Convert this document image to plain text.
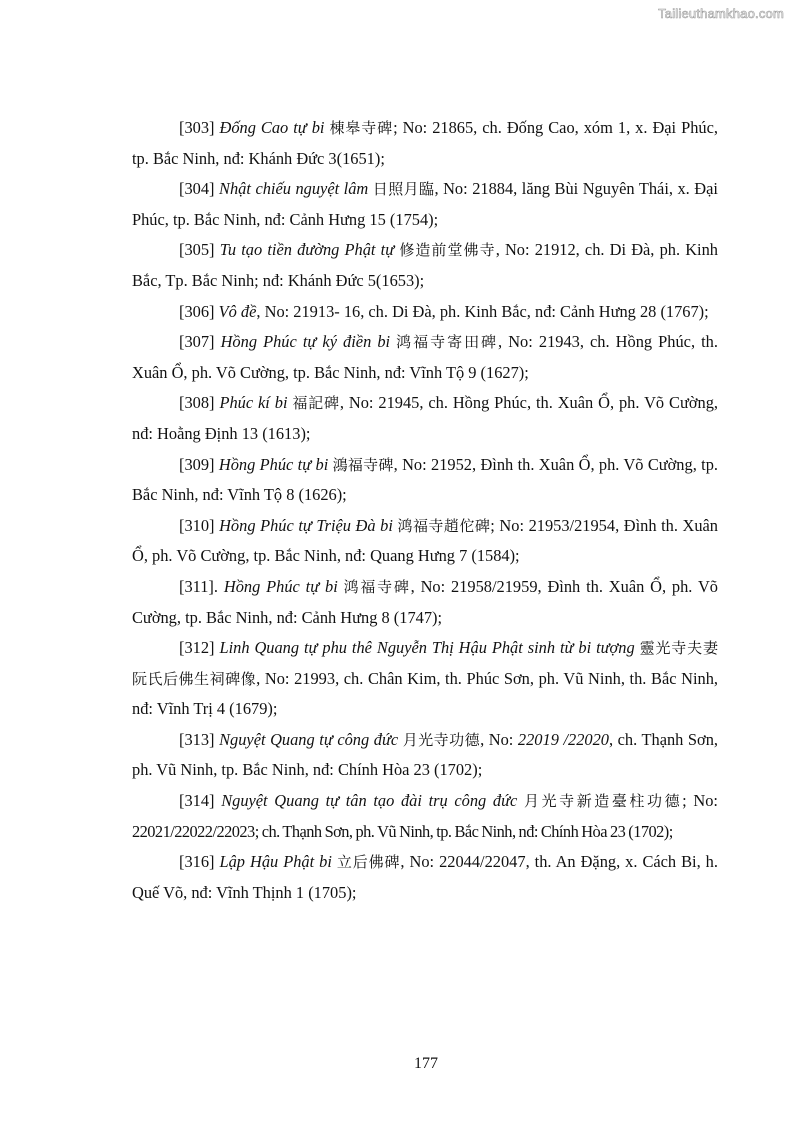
Tailieuthamkhao.com

[303] Đống Cao tự bi 棟皋寺碑; No: 21865, ch. Đống Cao, xóm 1, x. Đại Phúc, tp. Bắc Ninh, nđ: Khánh Đức 3(1651);

[304] Nhật chiếu nguyệt lâm 日照月臨, No: 21884, lăng Bùi Nguyên Thái, x. Đại Phúc, tp. Bắc Ninh, nđ: Cảnh Hưng 15 (1754);

[305] Tu tạo tiền đường Phật tự 修造前堂佛寺, No: 21912, ch. Di Đà, ph. Kinh Bắc, Tp. Bắc Ninh; nđ: Khánh Đức 5(1653);

[306] Vô đề, No: 21913- 16, ch. Di Đà, ph. Kinh Bắc, nđ: Cảnh Hưng 28 (1767);

[307] Hồng Phúc tự ký điền bi 鸿福寺寄田碑, No: 21943, ch. Hồng Phúc, th. Xuân Ổ, ph. Võ Cường, tp. Bắc Ninh, nđ: Vĩnh Tộ 9 (1627);

[308] Phúc kí bi 福記碑, No: 21945, ch. Hồng Phúc, th. Xuân Ổ, ph. Võ Cường, nđ: Hoằng Định 13 (1613);

[309] Hồng Phúc tự bi 鴻福寺碑, No: 21952, Đình th. Xuân Ổ, ph. Võ Cường, tp. Bắc Ninh, nđ: Vĩnh Tộ 8 (1626);

[310] Hồng Phúc tự Triệu Đà bi 鸿福寺趙佗碑; No: 21953/21954, Đình th. Xuân Ổ, ph. Võ Cường, tp. Bắc Ninh, nđ: Quang Hưng 7 (1584);

[311]. Hồng Phúc tự bi 鸿福寺碑, No: 21958/21959, Đình th. Xuân Ổ, ph. Võ Cường, tp. Bắc Ninh, nđ: Cảnh Hưng 8 (1747);

[312] Linh Quang tự phu thê Nguyễn Thị Hậu Phật sinh từ bi tượng 靈光寺夫妻阮氏后佛生祠碑像, No: 21993, ch. Chân Kim, th. Phúc Sơn, ph. Vũ Ninh, th. Bắc Ninh, nđ: Vĩnh Trị 4 (1679);

[313] Nguyệt Quang tự công đức 月光寺功德, No: 22019 /22020, ch. Thạnh Sơn, ph. Vũ Ninh, tp. Bắc Ninh, nđ: Chính Hòa 23 (1702);

[314] Nguyệt Quang tự tân tạo đài trụ công đức 月光寺新造臺柱功德; No: 22021/22022/22023; ch. Thạnh Sơn, ph. Vũ Ninh, tp. Bắc Ninh, nđ: Chính Hòa 23 (1702);

[316] Lập Hậu Phật bi 立后佛碑, No: 22044/22047, th. An Đặng, x. Cách Bi, h. Quế Võ, nđ: Vĩnh Thịnh 1 (1705);

177
